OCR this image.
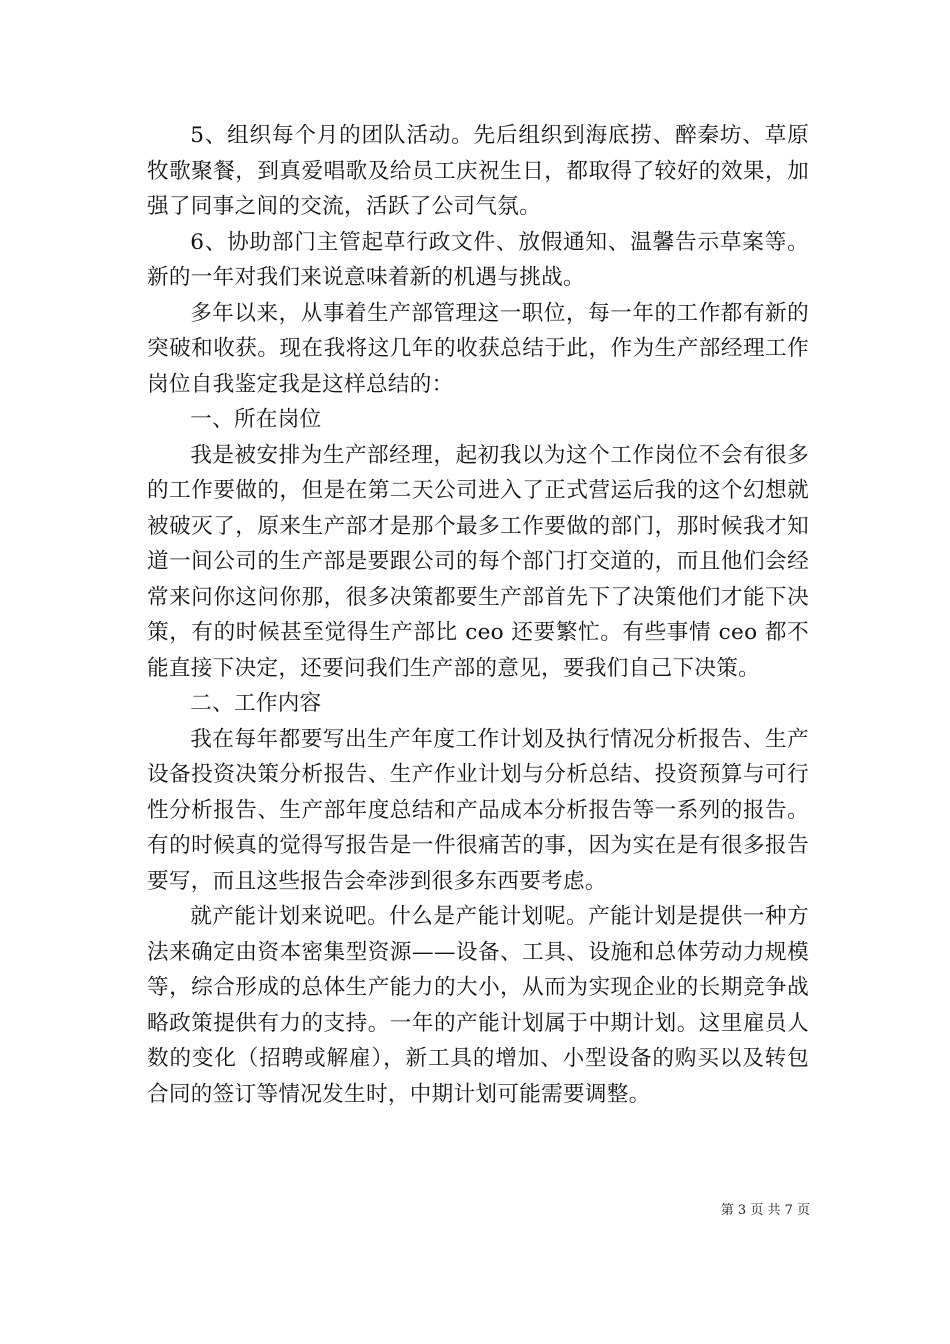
5、组织每个月的团队活动。先后组织到海底捞、醉秦坊、草原牧歌聚餐，到真爱唱歌及给员工庆祝生日，都取得了较好的效果，加强了同事之间的交流，活跃了公司气氛。

6、协助部门主管起草行政文件、放假通知、温馨告示草案等。新的一年对我们来说意味着新的机遇与挑战。

多年以来，从事着生产部管理这一职位，每一年的工作都有新的突破和收获。现在我将这几年的收获总结于此，作为生产部经理工作岗位自我鉴定我是这样总结的：

一、所在岗位

我是被安排为生产部经理，起初我以为这个工作岗位不会有很多的工作要做的，但是在第二天公司进入了正式营运后我的这个幻想就被破灭了，原来生产部才是那个最多工作要做的部门，那时候我才知道一间公司的生产部是要跟公司的每个部门打交道的，而且他们会经常来问你这问你那，很多决策都要生产部首先下了决策他们才能下决策，有的时候甚至觉得生产部比 ceo 还要繁忙。有些事情 ceo 都不能直接下决定，还要问我们生产部的意见，要我们自己下决策。

二、工作内容

我在每年都要写出生产年度工作计划及执行情况分析报告、生产设备投资决策分析报告、生产作业计划与分析总结、投资预算与可行性分析报告、生产部年度总结和产品成本分析报告等一系列的报告。有的时候真的觉得写报告是一件很痛苦的事，因为实在是有很多报告要写，而且这些报告会牵涉到很多东西要考虑。

就产能计划来说吧。什么是产能计划呢。产能计划是提供一种方法来确定由资本密集型资源——设备、工具、设施和总体劳动力规模等，综合形成的总体生产能力的大小，从而为实现企业的长期竞争战略政策提供有力的支持。一年的产能计划属于中期计划。这里雇员人数的变化（招聘或解雇），新工具的增加、小型设备的购买以及转包合同的签订等情况发生时，中期计划可能需要调整。

第 3 页 共 7 页
